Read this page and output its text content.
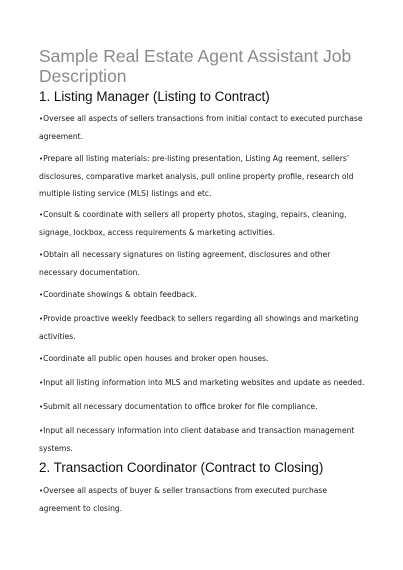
Sample Real Estate Agent Assistant Job Description
1. Listing Manager (Listing to Contract)

•Oversee all aspects of sellers transactions from initial contact to executed purchase agreement.

•Prepare all listing materials: pre-listing presentation, Listing Ag reement, sellers’ disclosures, comparative market analysis, pull online property profile, research old multiple listing service (MLS) listings and etc.

•Consult & coordinate with sellers all property photos, staging, repairs, cleaning, signage, lockbox, access requirements & marketing activities.

•Obtain all necessary signatures on listing agreement, disclosures and other necessary documentation.

•Coordinate showings & obtain feedback.

•Provide proactive weekly feedback to sellers regarding all showings and marketing activities.

•Coordinate all public open houses and broker open houses.

•Input all listing information into MLS and marketing websites and update as needed.

•Submit all necessary documentation to office broker for file compliance.

•Input all necessary information into client database and transaction management systems.

2. Transaction Coordinator (Contract to Closing)

•Oversee all aspects of buyer & seller transactions from executed purchase agreement to closing.
